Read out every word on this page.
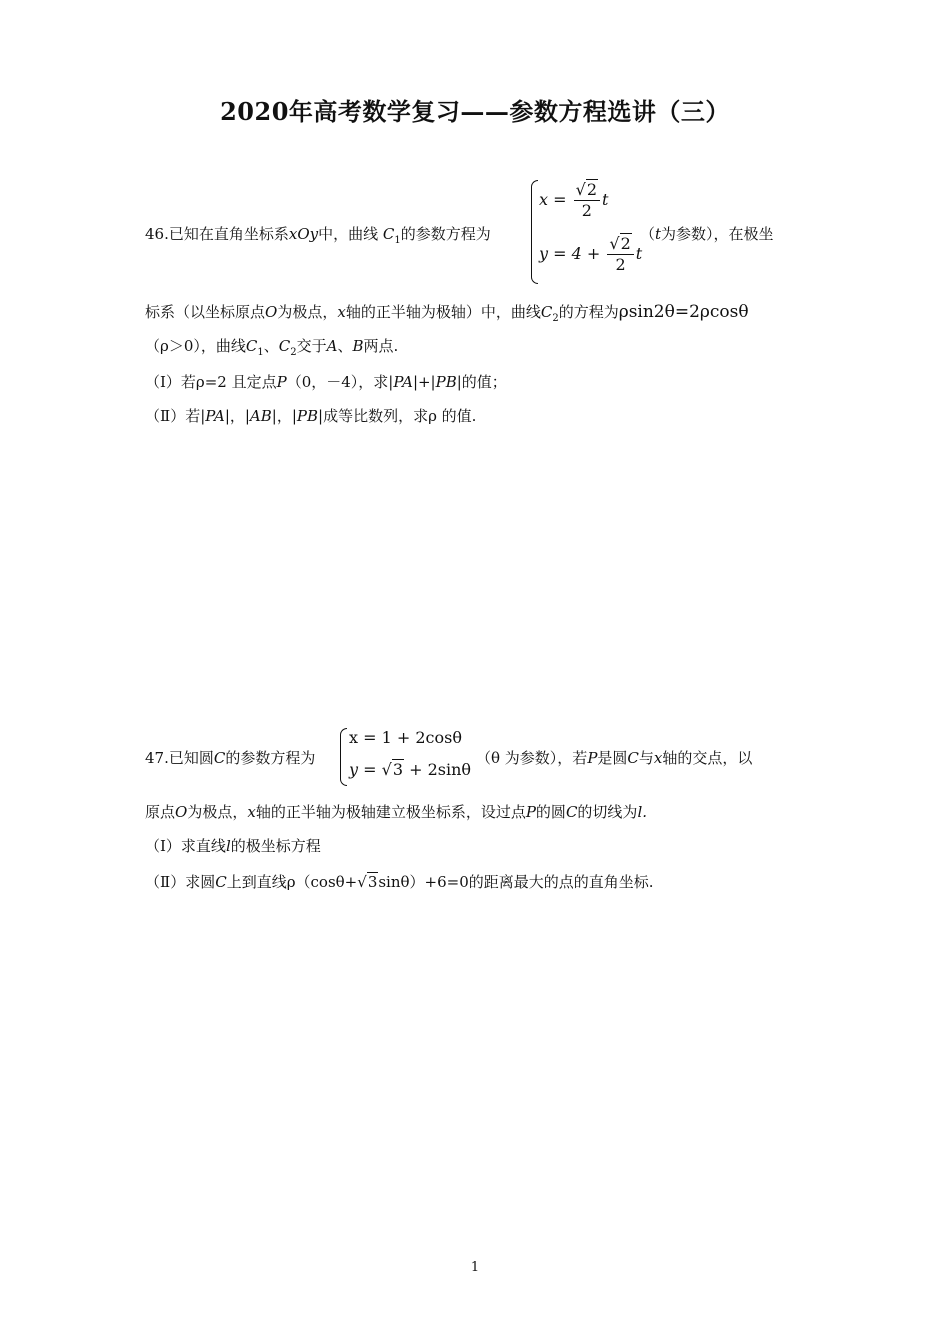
2020年高考数学复习——参数方程选讲（三）
46.已知在直角坐标系xOy中，曲线 $C_1$的参数方程为
$x = \frac{√2}{2}$ t
$y = 4 + \frac{√2}{2}$ t
（t为参数），在极坐
标系（以坐标原点O为极点，x轴的正半轴为极轴）中，曲线$C_2$的方程为ρsin2θ=2ρcosθ
（ρ＞0），曲线$C_1$、$C_2$交于A、B两点.
（Ⅰ）若ρ=2 且定点P（0，－4），求|PA|+|PB|的值；
（Ⅱ）若|PA|，|AB|，|PB|成等比数列，求ρ 的值.
47.已知圆C的参数方程为
x = 1 + 2cosθ
y = √3 + 2sinθ
（θ 为参数），若P是圆C与x轴的交点，以
原点O为极点，x轴的正半轴为极轴建立极坐标系，设过点P的圆C的切线为l.
（Ⅰ）求直线l的极坐标方程
（Ⅱ）求圆C上到直线ρ（cosθ+√3sinθ）+6=0的距离最大的点的直角坐标.
1
